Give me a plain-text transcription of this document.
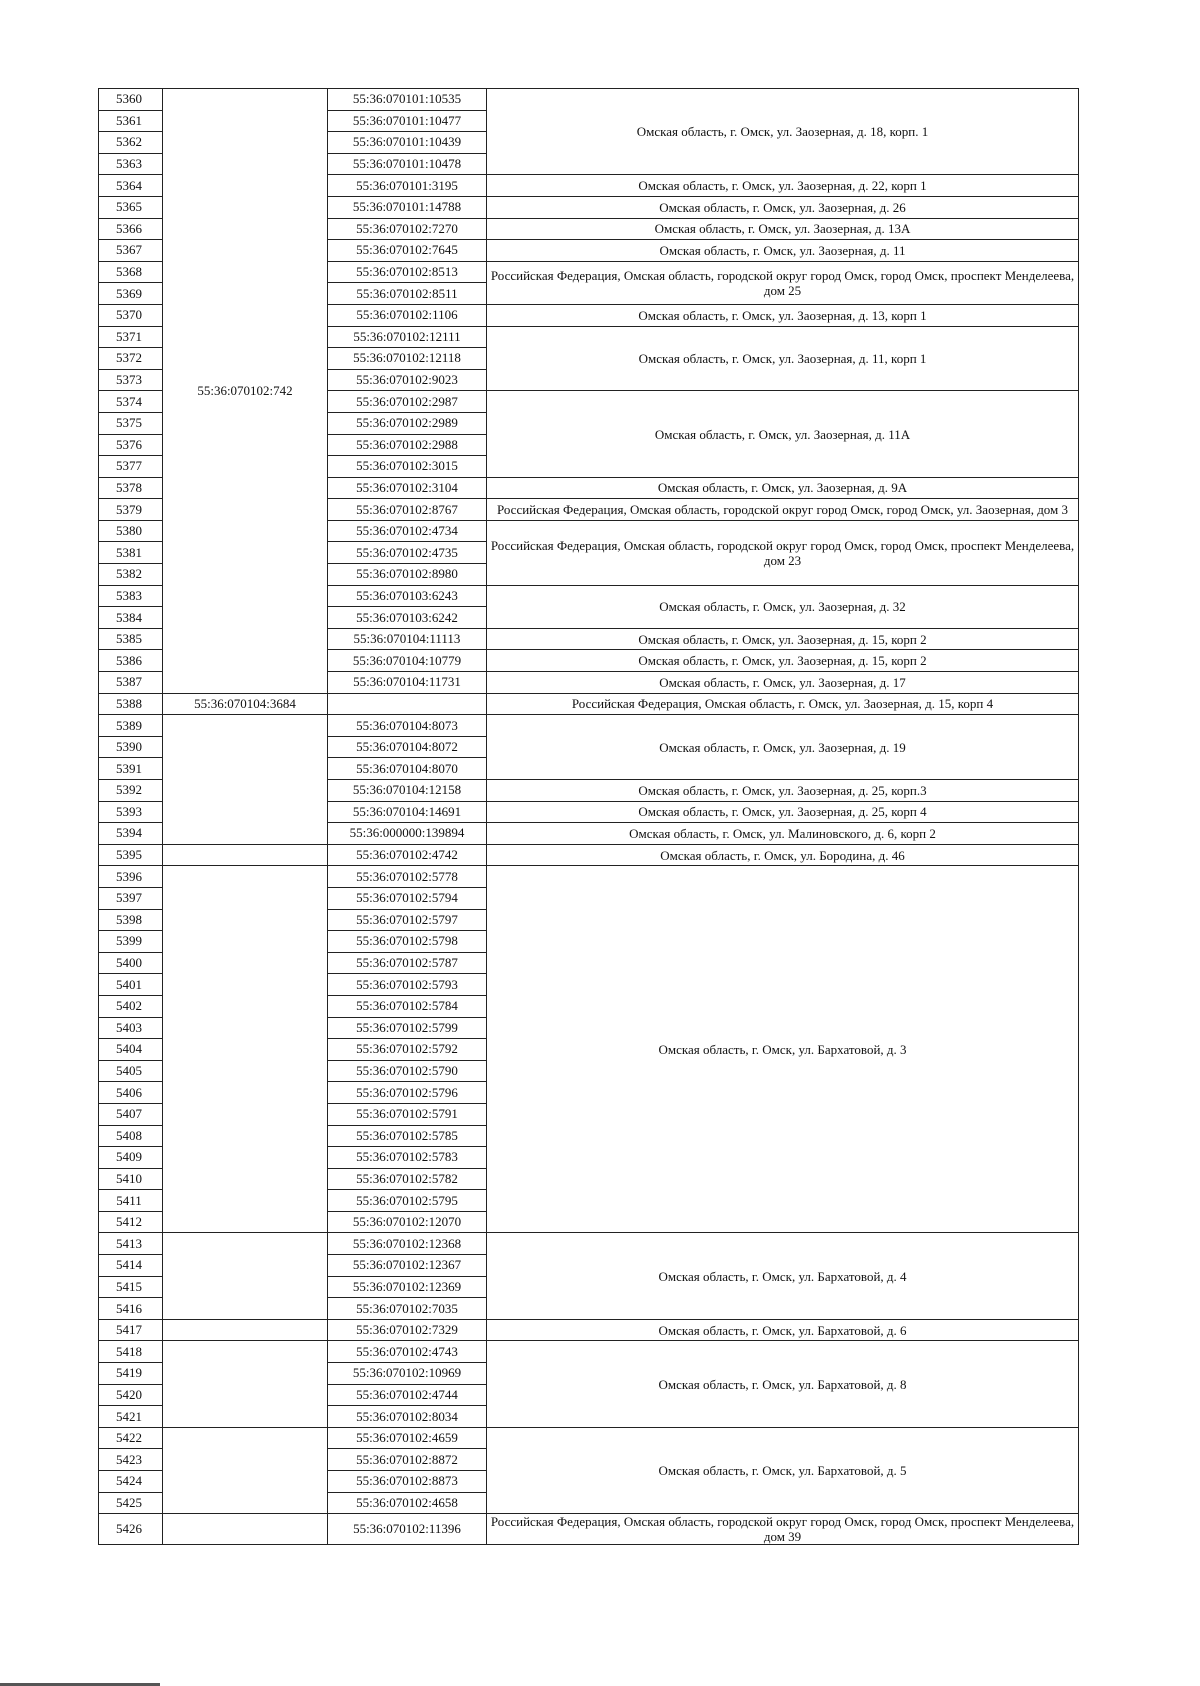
5360	55:36:070102:742	55:36:070101:10535	Омская область, г. Омск, ул. Заозерная, д. 18, корп. 1
5361		55:36:070101:10477	
5362		55:36:070101:10439	
5363		55:36:070101:10478	
5364		55:36:070101:3195	Омская область, г. Омск, ул. Заозерная, д. 22, корп 1
5365		55:36:070101:14788	Омская область, г. Омск, ул. Заозерная, д. 26
5366		55:36:070102:7270	Омская область, г. Омск, ул. Заозерная, д. 13А
5367		55:36:070102:7645	Омская область, г. Омск, ул. Заозерная, д. 11
5368		55:36:070102:8513	Российская Федерация, Омская область, городской округ город Омск, город Омск, проспект Менделеева, дом 25
5369		55:36:070102:8511	
5370		55:36:070102:1106	Омская область, г. Омск, ул. Заозерная, д. 13, корп 1
5371		55:36:070102:12111	Омская область, г. Омск, ул. Заозерная, д. 11, корп 1
5372		55:36:070102:12118	
5373		55:36:070102:9023	
5374		55:36:070102:2987	Омская область, г. Омск, ул. Заозерная, д. 11А
5375		55:36:070102:2989	
5376		55:36:070102:2988	
5377		55:36:070102:3015	
5378		55:36:070102:3104	Омская область, г. Омск, ул. Заозерная, д. 9А
5379		55:36:070102:8767	Российская Федерация, Омская область, городской округ город Омск, город Омск, ул. Заозерная, дом 3
5380		55:36:070102:4734	Российская Федерация, Омская область, городской округ город Омск, город Омск, проспект Менделеева, дом 23
5381		55:36:070102:4735	
5382		55:36:070102:8980	
5383		55:36:070103:6243	Омская область, г. Омск, ул. Заозерная, д. 32
5384		55:36:070103:6242	
5385		55:36:070104:11113	Омская область, г. Омск, ул. Заозерная, д. 15, корп 2
5386		55:36:070104:10779	Омская область, г. Омск, ул. Заозерная, д. 15, корп 2
5387		55:36:070104:11731	Омская область, г. Омск, ул. Заозерная, д. 17
5388	55:36:070104:3684		Российская Федерация, Омская область, г. Омск, ул. Заозерная, д. 15, корп 4
5389		55:36:070104:8073	Омская область, г. Омск, ул. Заозерная, д. 19
5390		55:36:070104:8072	
5391		55:36:070104:8070	
5392		55:36:070104:12158	Омская область, г. Омск, ул. Заозерная, д. 25, корп.3
5393		55:36:070104:14691	Омская область, г. Омск, ул. Заозерная, д. 25, корп 4
5394		55:36:000000:139894	Омская область, г. Омск, ул. Малиновского, д. 6, корп 2
5395		55:36:070102:4742	Омская область, г. Омск, ул. Бородина, д. 46
5396		55:36:070102:5778	Омская область, г. Омск, ул. Бархатовой, д. 3
5397		55:36:070102:5794	
5398		55:36:070102:5797	
5399		55:36:070102:5798	
5400		55:36:070102:5787	
5401		55:36:070102:5793	
5402		55:36:070102:5784	
5403		55:36:070102:5799	
5404		55:36:070102:5792	
5405		55:36:070102:5790	
5406		55:36:070102:5796	
5407		55:36:070102:5791	
5408		55:36:070102:5785	
5409		55:36:070102:5783	
5410		55:36:070102:5782	
5411		55:36:070102:5795	
5412		55:36:070102:12070	
5413		55:36:070102:12368	Омская область, г. Омск, ул. Бархатовой, д. 4
5414		55:36:070102:12367	
5415		55:36:070102:12369	
5416		55:36:070102:7035	
5417		55:36:070102:7329	Омская область, г. Омск, ул. Бархатовой, д. 6
5418		55:36:070102:4743	Омская область, г. Омск, ул. Бархатовой, д. 8
5419		55:36:070102:10969	
5420		55:36:070102:4744	
5421		55:36:070102:8034	
5422		55:36:070102:4659	Омская область, г. Омск, ул. Бархатовой, д. 5
5423		55:36:070102:8872	
5424		55:36:070102:8873	
5425		55:36:070102:4658	
5426		55:36:070102:11396	Российская Федерация, Омская область, городской округ город Омск, город Омск, проспект Менделеева, дом 39
